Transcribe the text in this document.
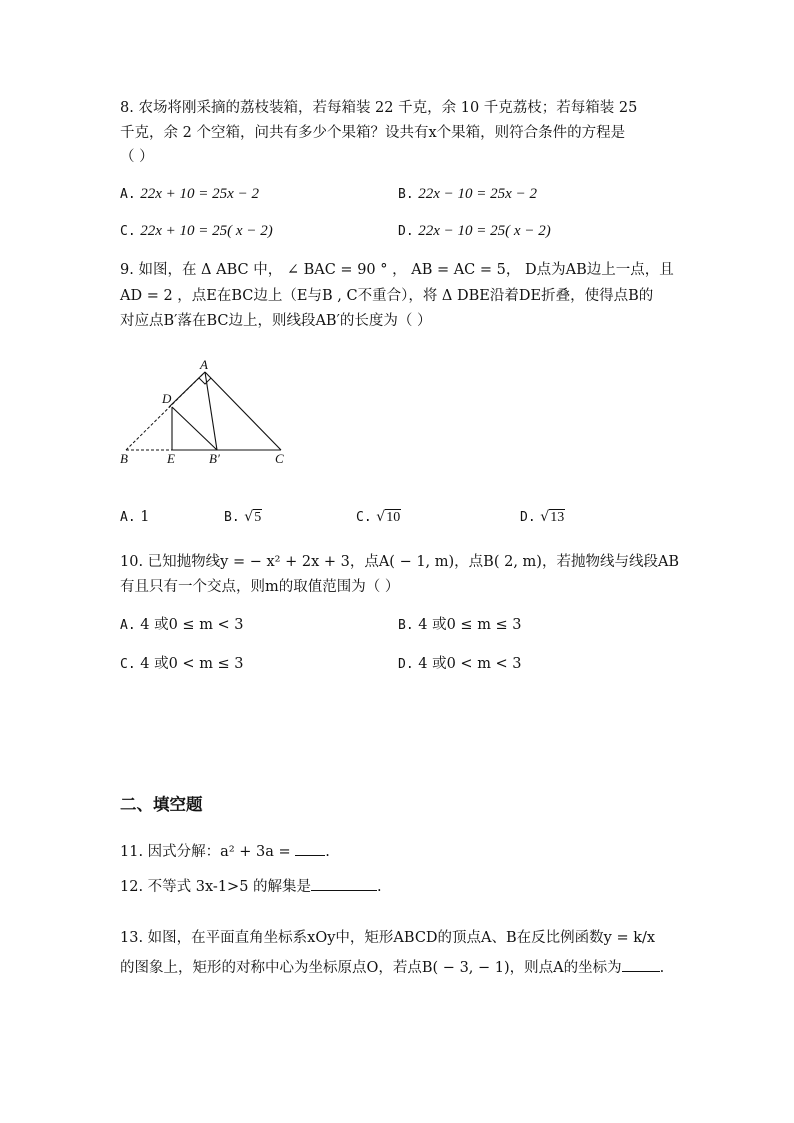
8. 农场将刚采摘的荔枝装箱，若每箱装 22 千克，余 10 千克荔枝；若每箱装 25
千克，余 2 个空箱，问共有多少个果箱？设共有x个果箱，则符合条件的方程是
（ ）
A. 22x + 10 = 25x − 2	B. 22x − 10 = 25x − 2
C. 22x + 10 = 25( x − 2)	D. 22x − 10 = 25( x − 2)
9. 如图，在 Δ ABC 中， ∠ BAC = 90 ° ， AB = AC = 5， D点为AB边上一点，且
AD = 2 ，点E在BC边上（E与B , C不重合），将 Δ DBE沿着DE折叠，使得点B的
对应点B′落在BC边上，则线段AB′的长度为（ ）
A
D
B	E	B′	C
A. 1	B. √5	C. √10	D. √13
10. 已知抛物线y = − x² + 2x + 3，点A( − 1, m)，点B( 2, m)，若抛物线与线段AB
有且只有一个交点，则m的取值范围为（ ）
A. 4 或0 ≤ m < 3	B. 4 或0 ≤ m ≤ 3
C. 4 或0 < m ≤ 3	D. 4 或0 < m < 3
二、填空题
11. 因式分解：a² + 3a = .
12. 不等式 3x-1>5 的解集是	.
13. 如图，在平面直角坐标系xOy中，矩形ABCD的顶点A、B在反比例函数y = k/x
的图象上，矩形的对称中心为坐标原点O，若点B( − 3, − 1)，则点A的坐标为	.
